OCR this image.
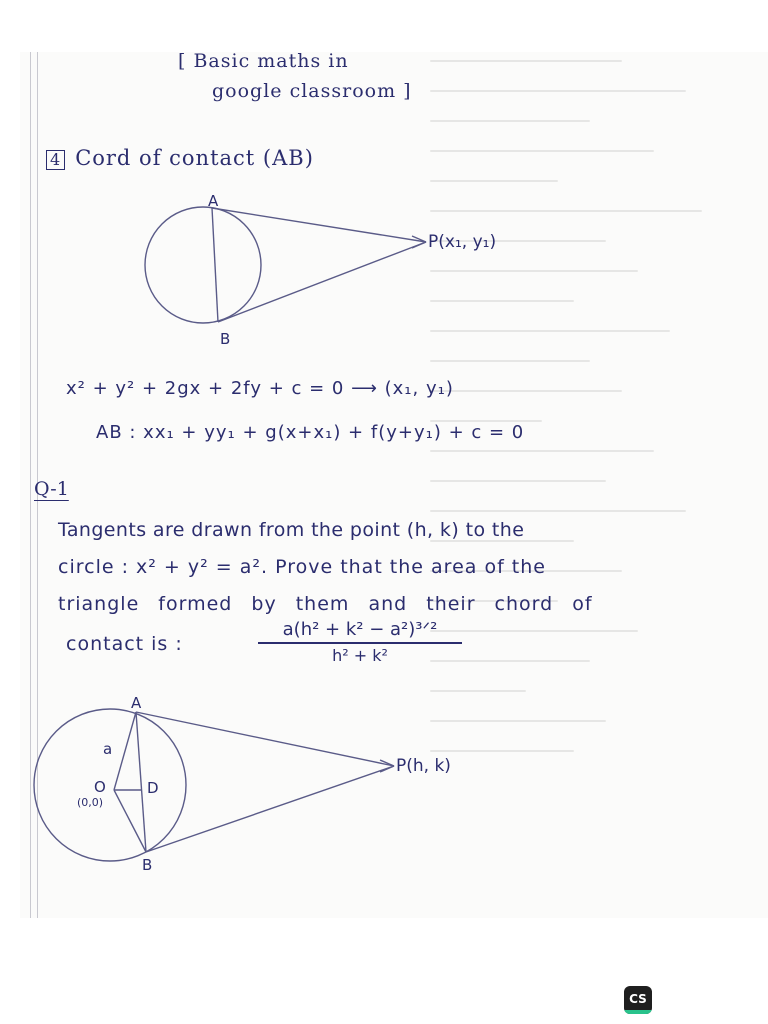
[ Basic maths in
google classroom ]
4 Cord of contact (AB)
A
B
P(x₁, y₁)
x² + y² + 2gx + 2fy + c = 0 ⟶ (x₁, y₁)
AB : xx₁ + yy₁ + g(x+x₁) + f(y+y₁) + c = 0
Q-1
Tangents are drawn from the point (h, k) to the
circle : x² + y² = a². Prove that the area of the
triangle formed by them and their chord of
contact is :
a(h² + k² − a²)³ᐟ²
h² + k²
A
a
O
(0,0)
D
B
P(h, k)
CS
